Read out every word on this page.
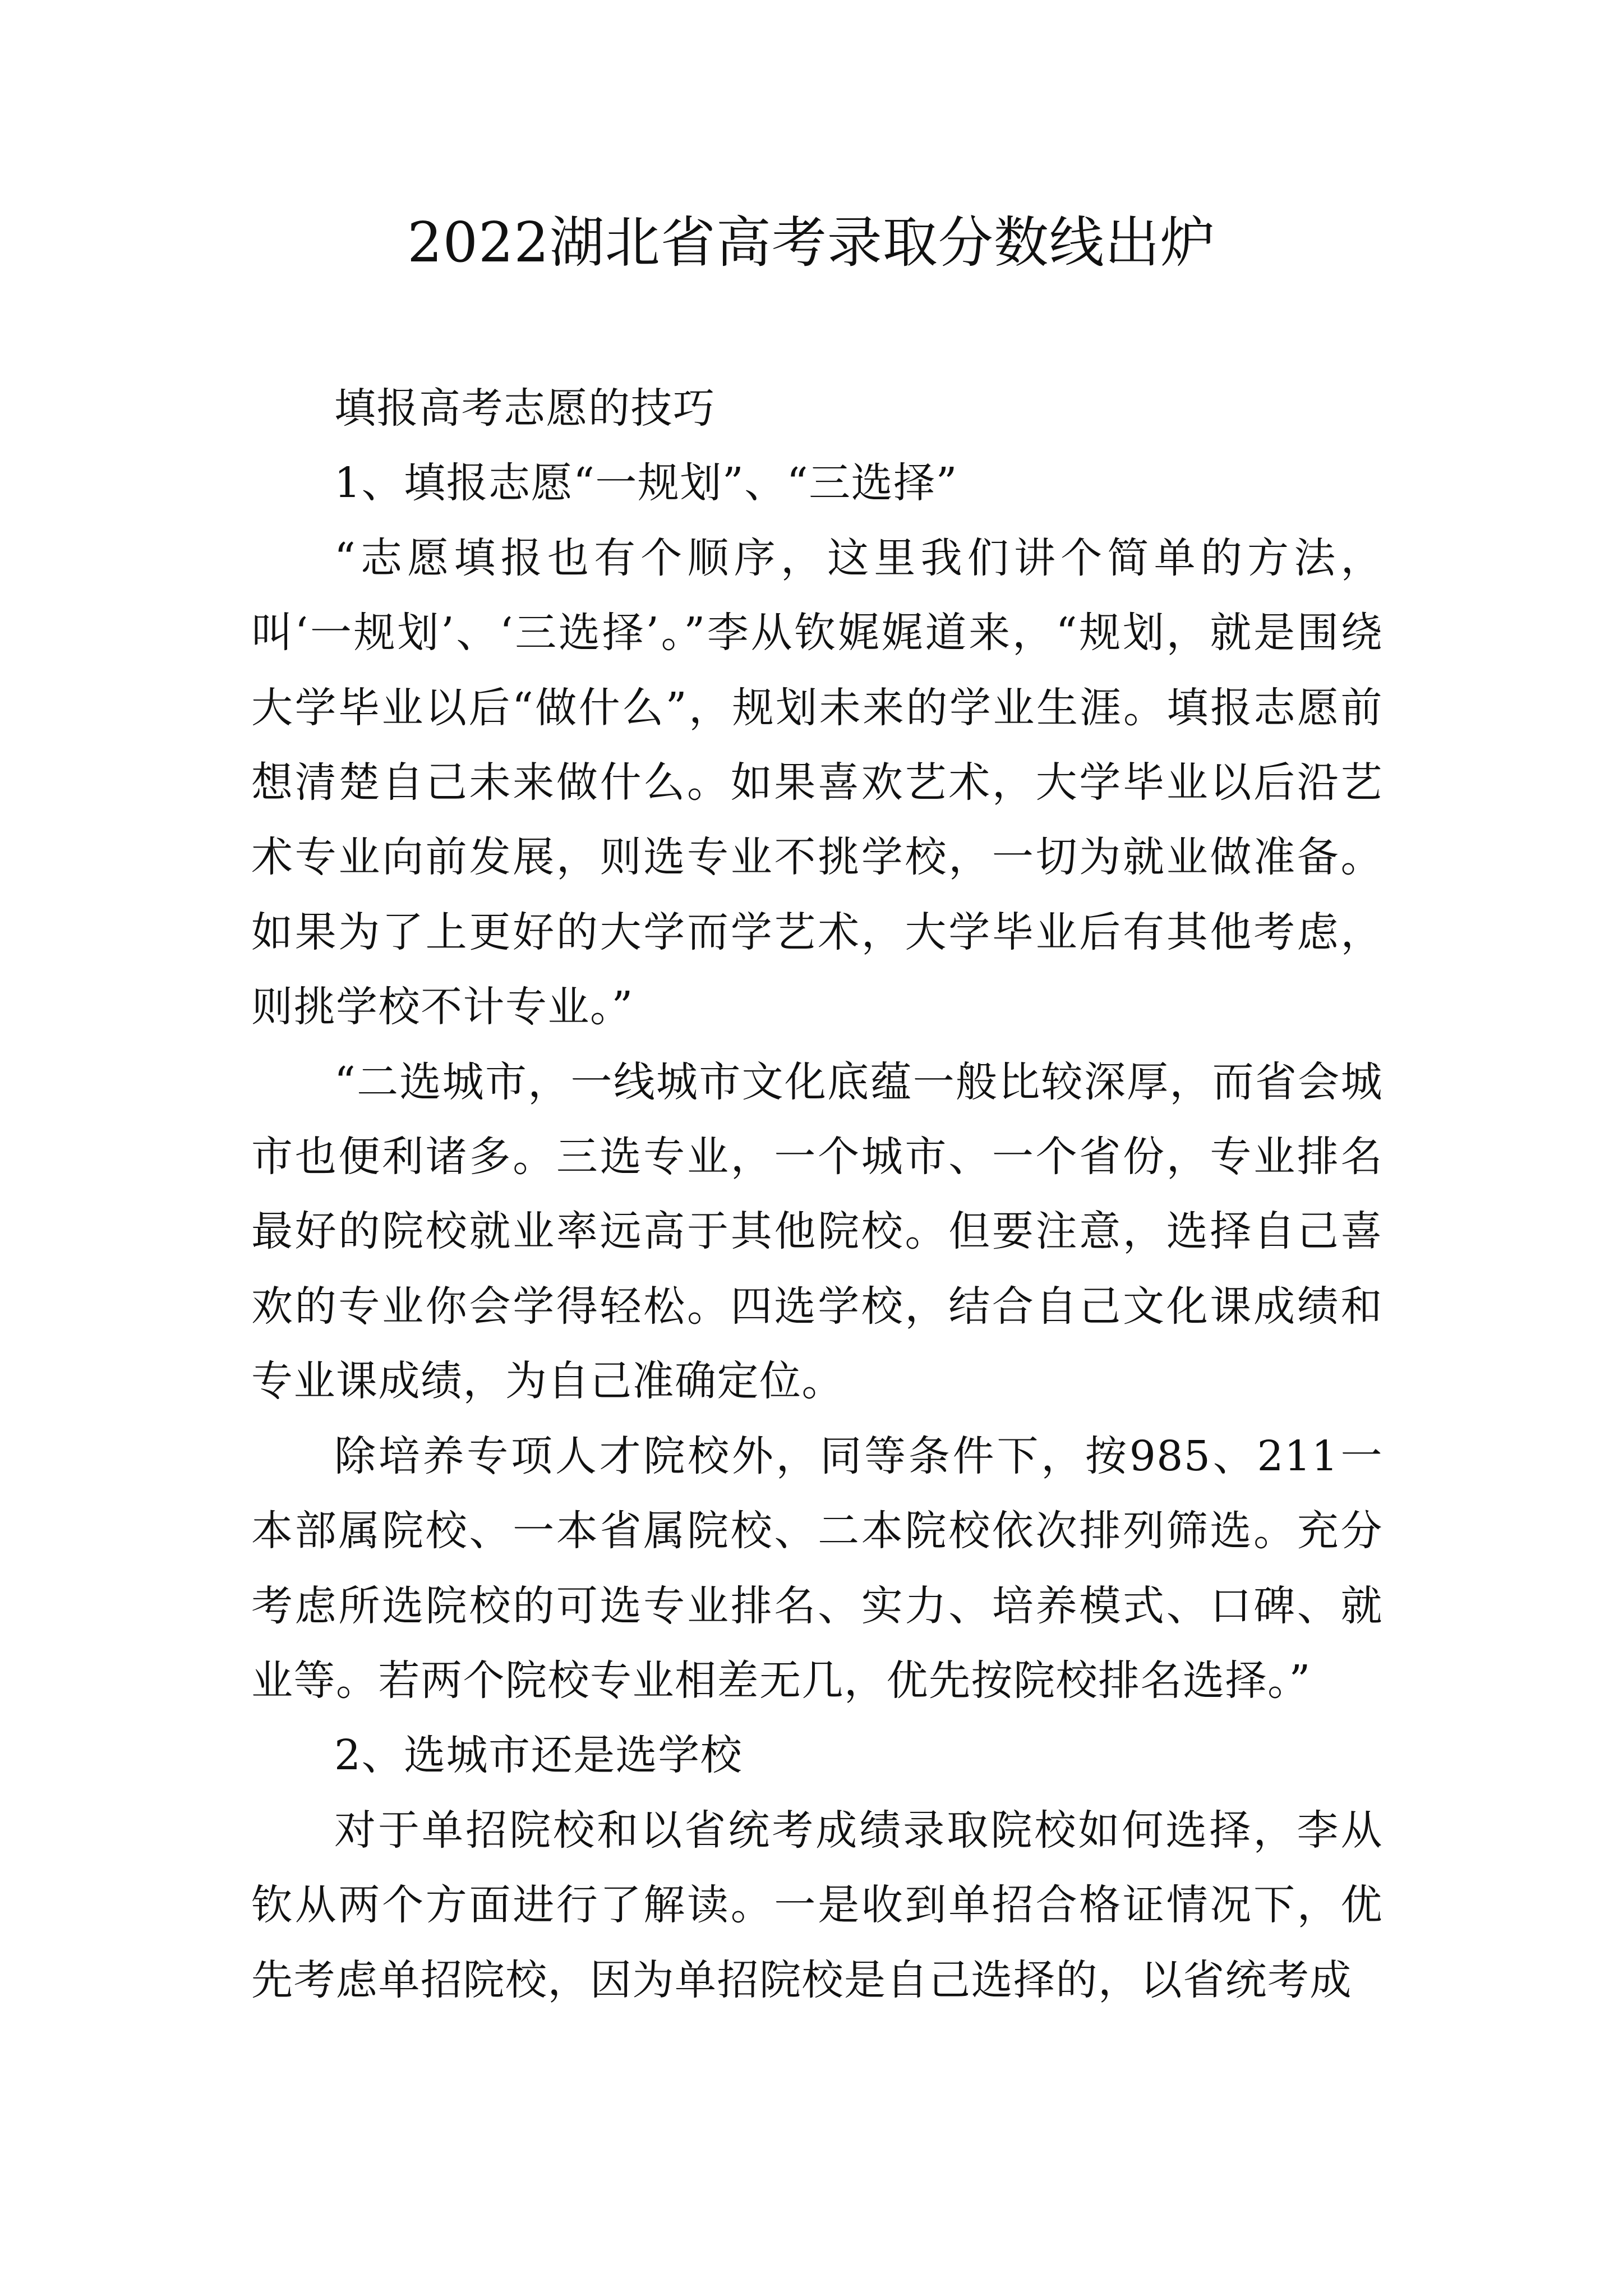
2022湖北省高考录取分数线出炉

填报高考志愿的技巧

1、填报志愿“一规划”、“三选择”

“志愿填报也有个顺序，这里我们讲个简单的方法，叫‘一规划’、‘三选择’。”李从钦娓娓道来，“规划，就是围绕大学毕业以后“做什么”，规划未来的学业生涯。填报志愿前想清楚自己未来做什么。如果喜欢艺术，大学毕业以后沿艺术专业向前发展，则选专业不挑学校，一切为就业做准备。如果为了上更好的大学而学艺术，大学毕业后有其他考虑，则挑学校不计专业。”

“二选城市，一线城市文化底蕴一般比较深厚，而省会城市也便利诸多。三选专业，一个城市、一个省份，专业排名最好的院校就业率远高于其他院校。但要注意，选择自己喜欢的专业你会学得轻松。四选学校，结合自己文化课成绩和专业课成绩，为自己准确定位。

除培养专项人才院校外，同等条件下，按985、211一本部属院校、一本省属院校、二本院校依次排列筛选。充分考虑所选院校的可选专业排名、实力、培养模式、口碑、就业等。若两个院校专业相差无几，优先按院校排名选择。”

2、选城市还是选学校

对于单招院校和以省统考成绩录取院校如何选择，李从钦从两个方面进行了解读。一是收到单招合格证情况下，优先考虑单招院校，因为单招院校是自己选择的，以省统考成
